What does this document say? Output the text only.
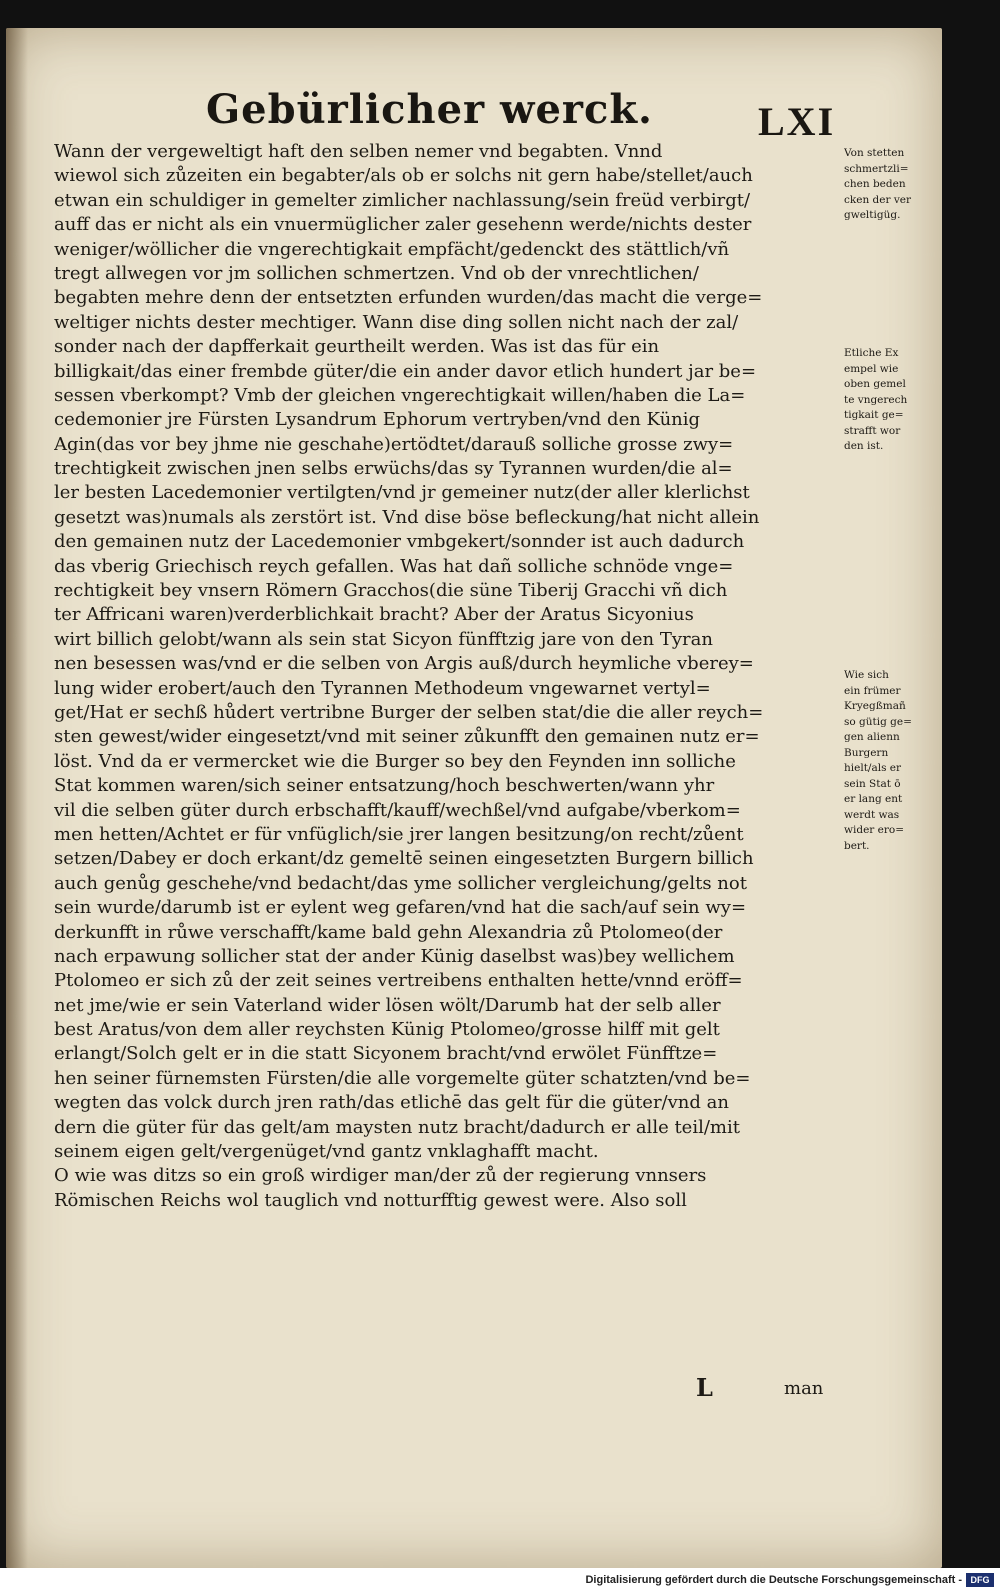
Gebürlicher werck.	LXI
Wann der vergeweltigt haft den selben nemer vnd begabten. Vnnd
wiewol sich zůzeiten ein begabter/als ob er solchs nit gern habe/stellet/auch
etwan ein schuldiger in gemelter zimlicher nachlassung/sein freüd verbirgt/
auff das er nicht als ein vnuermüglicher zaler gesehenn werde/nichts dester
weniger/wöllicher die vngerechtigkait empfächt/gedenckt des stättlich/vñ
tregt allwegen vor jm sollichen schmertzen. Vnd ob der vnrechtlichen/
begabten mehre denn der entsetzten erfunden wurden/das macht die verge=
weltiger nichts dester mechtiger. Wann dise ding sollen nicht nach der zal/
sonder nach der dapfferkait geurtheilt werden. Was ist das für ein
billigkait/das einer frembde güter/die ein ander davor etlich hundert jar be=
sessen vberkompt? Vmb der gleichen vngerechtigkait willen/haben die La=
cedemonier jre Fürsten Lysandrum Ephorum vertryben/vnd den Künig
Agin(das vor bey jhme nie geschahe)ertödtet/darauß solliche grosse zwy=
trechtigkeit zwischen jnen selbs erwüchs/das sy Tyrannen wurden/die al=
ler besten Lacedemonier vertilgten/vnd jr gemeiner nutz(der aller klerlichst
gesetzt was)numals als zerstört ist. Vnd dise böse befleckung/hat nicht allein
den gemainen nutz der Lacedemonier vmbgekert/sonnder ist auch dadurch
das vberig Griechisch reych gefallen. Was hat dañ solliche schnöde vnge=
rechtigkeit bey vnsern Römern Gracchos(die süne Tiberij Gracchi vñ dich
ter Affricani waren)verderblichkait bracht? Aber der Aratus Sicyonius
wirt billich gelobt/wann als sein stat Sicyon fünfftzig jare von den Tyran
nen besessen was/vnd er die selben von Argis auß/durch heymliche vberey=
lung wider erobert/auch den Tyrannen Methodeum vngewarnet vertyl=
get/Hat er sechß hůdert vertribne Burger der selben stat/die die aller reych=
sten gewest/wider eingesetzt/vnd mit seiner zůkunfft den gemainen nutz er=
löst. Vnd da er vermercket wie die Burger so bey den Feynden inn solliche
Stat kommen waren/sich seiner entsatzung/hoch beschwerten/wann yhr
vil die selben güter durch erbschafft/kauff/wechßel/vnd aufgabe/vberkom=
men hetten/Achtet er für vnfüglich/sie jrer langen besitzung/on recht/zůent
setzen/Dabey er doch erkant/dz gemeltē seinen eingesetzten Burgern billich
auch genůg geschehe/vnd bedacht/das yme sollicher vergleichung/gelts not
sein wurde/darumb ist er eylent weg gefaren/vnd hat die sach/auf sein wy=
derkunfft in růwe verschafft/kame bald gehn Alexandria zů Ptolomeo(der
nach erpawung sollicher stat der ander Künig daselbst was)bey wellichem
Ptolomeo er sich zů der zeit seines vertreibens enthalten hette/vnnd eröff=
net jme/wie er sein Vaterland wider lösen wölt/Darumb hat der selb aller
best Aratus/von dem aller reychsten Künig Ptolomeo/grosse hilff mit gelt
erlangt/Solch gelt er in die statt Sicyonem bracht/vnd erwölet Fünfftze=
hen seiner fürnemsten Fürsten/die alle vorgemelte güter schatzten/vnd be=
wegten das volck durch jren rath/das etlichē das gelt für die güter/vnd an
dern die güter für das gelt/am maysten nutz bracht/dadurch er alle teil/mit
seinem eigen gelt/vergenüget/vnd gantz vnklaghafft macht.
O wie was ditzs so ein groß wirdiger man/der zů der regierung vnnsers
Römischen Reichs wol tauglich vnd notturfftig gewest were. Also soll
Von stetten
schmertzli=
chen beden
cken der ver
gweltigüg.
Etliche Ex
empel wie
oben gemel
te vngerech
tigkait ge=
strafft wor
den ist.
Wie sich
ein frümer
Kryegßmañ
so gütig ge=
gen alienn
Burgern
hielt/als er
sein Stat ō
er lang ent
werdt was
wider ero=
bert.
L	man
Digitalisierung gefördert durch die Deutsche Forschungsgemeinschaft - DFG
